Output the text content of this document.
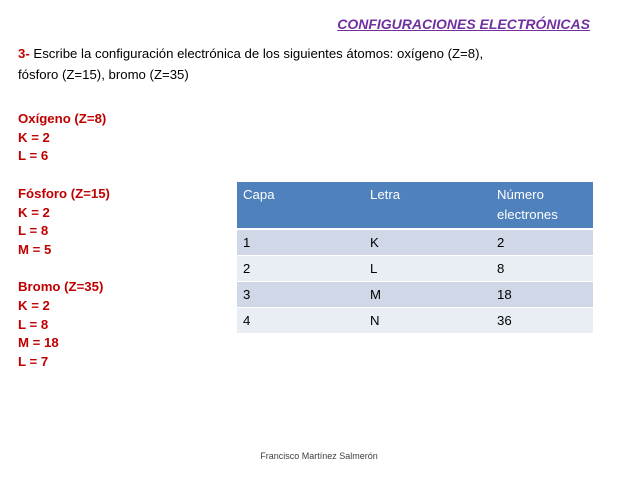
CONFIGURACIONES ELECTRÓNICAS
3- Escribe la configuración electrónica de los siguientes átomos: oxígeno (Z=8), fósforo (Z=15), bromo (Z=35)
Oxígeno (Z=8)
K = 2
L = 6
Fósforo (Z=15)
K = 2
L = 8
M = 5
Bromo (Z=35)
K = 2
L = 8
M = 18
L = 7
Capa	Letra	Número electrones
1	K	2
2	L	8
3	M	18
4	N	36
Francisco Martínez Salmerón
